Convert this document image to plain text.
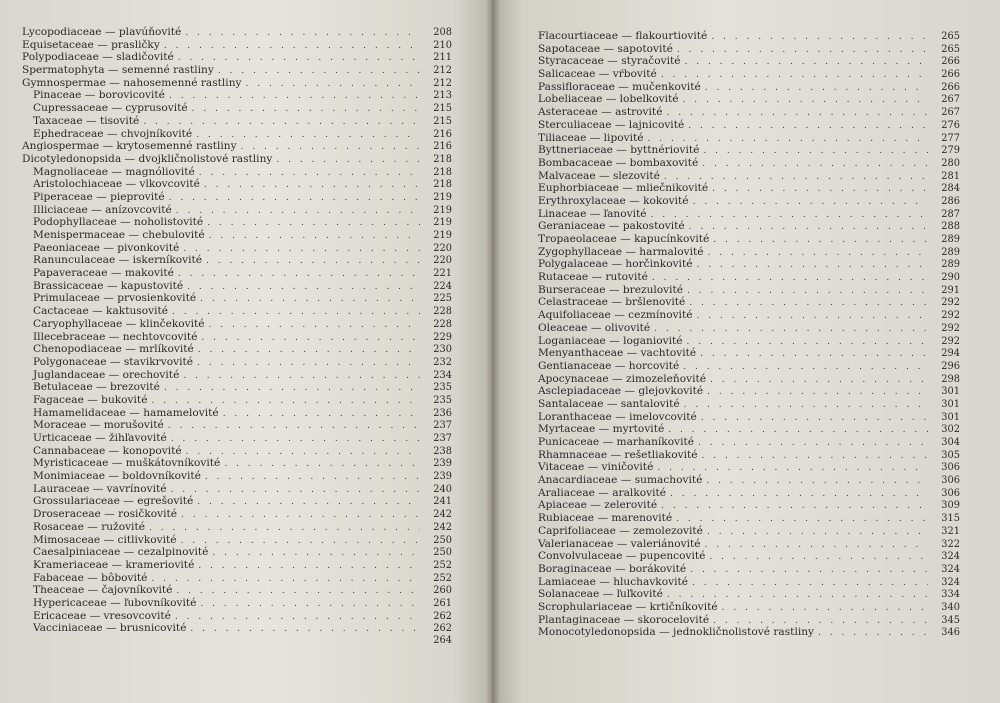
Lycopodiaceae — plavúňovité . . .	208
Equisetaceae — prasličky . . .	210
Polypodiaceae — sladičovité . . .	211
Spermatophyta — semenné rastliny . . .	212
Gymnospermae — nahosemenné rastliny . . .	212
Pinaceae — borovicovité . . .	213
Cupressaceae — cyprusovité . . .	215
Taxaceae — tisovité . . .	215
Ephedraceae — chvojníkovité . . .	216
Angiospermae — krytosemenné rastliny . . .	216
Dicotyledonopsida — dvojkličnolistové rastliny . . .	218
Magnoliaceae — magnóliovité . . .	218
Aristolochiaceae — vlkovcovité . . .	218
Piperaceae — pieprovité . . .	219
Illiciaceae — anízovcovité . . .	219
Podophyllaceae — noholistovité . . .	219
Menispermaceae — chebulovité . . .	219
Paeoniaceae — pivonkovité . . .	220
Ranunculaceae — iskerníkovité . . .	220
Papaveraceae — makovité . . .	221
Brassicaceae — kapustovité . . .	224
Primulaceae — prvosienkovité . . .	225
Cactaceae — kaktusovité . . .	228
Caryophyllaceae — klinčekovité . . .	228
Illecebraceae — nechtovcovité . . .	229
Chenopodiaceae — mrlíkovité . . .	230
Polygonaceae — stavikrvovité . . .	232
Juglandaceae — orechovité . . .	234
Betulaceae — brezovité . . .	235
Fagaceae — bukovité . . .	235
Hamamelidaceae — hamamelovité . . .	236
Moraceae — morušovité . . .	237
Urticaceae — žihľavovité . . .	237
Cannabaceae — konopovité . . .	238
Myristicaceae — muškátovníkovité . . .	239
Monimiaceae — boldovníkovité . . .	239
Lauraceae — vavrínovité . . .	240
Grossulariaceae — egrešovité . . .	241
Droseraceae — rosičkovité . . .	242
Rosaceae — ružovité . . .	242
Mimosaceae — citlivkovité . . .	250
Caesalpiniaceae — cezalpinovité . . .	250
Krameriaceae — krameriovité . . .	252
Fabaceae — bôbovité . . .	252
Theaceae — čajovníkovité . . .	260
Hypericaceae — ľubovníkovité . . .	261
Ericaceae — vresovcovité . . .	262
Vacciniaceae — brusnicovité . . .	262
264
Flacourtiaceae — flakourtiovité . . .	265
Sapotaceae — sapotovité . . .	265
Styracaceae — styračovité . . .	266
Salicaceae — vŕbovité . . .	266
Passifloraceae — mučenkovité . . .	266
Lobeliaceae — lobelkovité . . .	267
Asteraceae — astrovité . . .	267
Sterculiaceae — lajnicovité . . .	276
Tiliaceae — lipovité . . .	277
Byttneriaceae — byttnériovité . . .	279
Bombacaceae — bombaxovité . . .	280
Malvaceae — slezovité . . .	281
Euphorbiaceae — mliečnikovité . . .	284
Erythroxylaceae — kokovité . . .	286
Linaceae — ľanovité . . .	287
Geraniaceae — pakostovité . . .	288
Tropaeolaceae — kapucínkovité . . .	289
Zygophyllaceae — harmalovité . . .	289
Polygalaceae — horčinkovité . . .	289
Rutaceae — rutovité . . .	290
Burseraceae — brezulovité . . .	291
Celastraceae — bršlenovité . . .	292
Aquifoliaceae — cezmínovité . . .	292
Oleaceae — olivovité . . .	292
Loganiaceae — loganiovité . . .	292
Menyanthaceae — vachtovité . . .	294
Gentianaceae — horcovité . . .	296
Apocynaceae — zimozeleňovité . . .	298
Asclepiadaceae — glejovkovité . . .	301
Santalaceae — santalovité . . .	301
Loranthaceae — imelovcovité . . .	301
Myrtaceae — myrtovité . . .	302
Punicaceae — marhaníkovité . . .	304
Rhamnaceae — rešetliakovité . . .	305
Vitaceae — viničovité . . .	306
Anacardiaceae — sumachovité . . .	306
Araliaceae — aralkovité . . .	306
Apiaceae — zelerovité . . .	309
Rubiaceae — marenovité . . .	315
Caprifoliaceae — zemolezovité . . .	321
Valerianaceae — valeriánovité . . .	322
Convolvulaceae — pupencovité . . .	324
Boraginaceae — borákovité . . .	324
Lamiaceae — hluchavkovité . . .	324
Solanaceae — ľuľkovité . . .	334
Scrophulariaceae — krtičníkovité . . .	340
Plantaginaceae — skorocelovité . . .	345
Monocotyledonopsida — jednokličnolistové rastliny . . .	346
